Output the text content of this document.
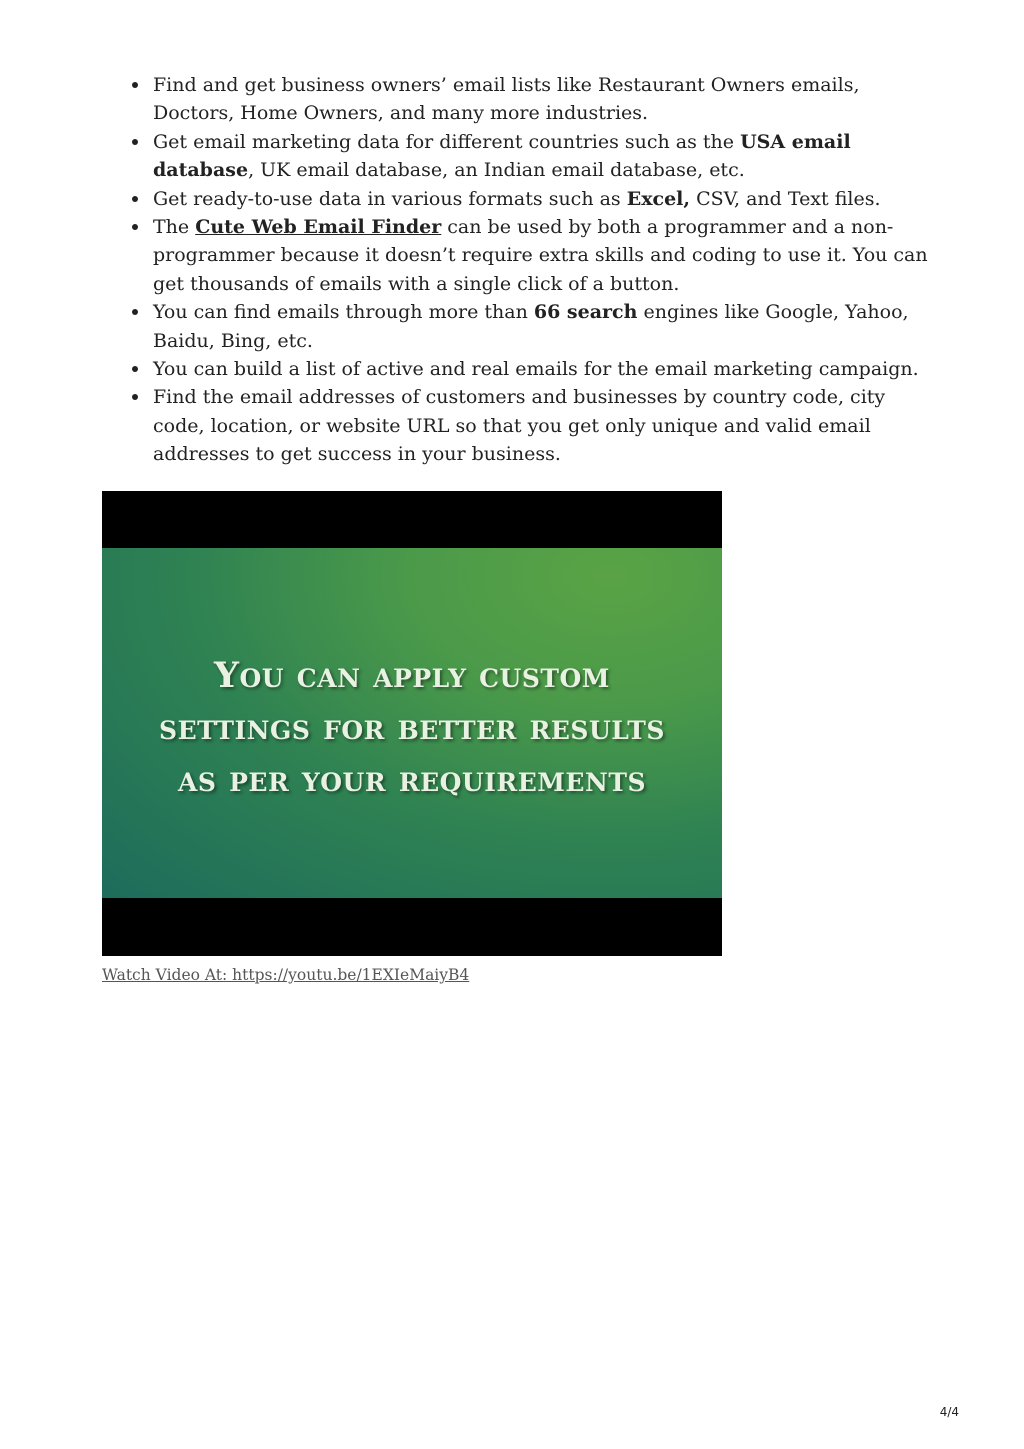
Find and get business owners’ email lists like Restaurant Owners emails, Doctors, Home Owners, and many more industries.
Get email marketing data for different countries such as the USA email database, UK email database, an Indian email database, etc.
Get ready-to-use data in various formats such as Excel, CSV, and Text files.
The Cute Web Email Finder can be used by both a programmer and a non-programmer because it doesn’t require extra skills and coding to use it. You can get thousands of emails with a single click of a button.
You can find emails through more than 66 search engines like Google, Yahoo, Baidu, Bing, etc.
You can build a list of active and real emails for the email marketing campaign.
Find the email addresses of customers and businesses by country code, city code, location, or website URL so that you get only unique and valid email addresses to get success in your business.
You can apply custom
settings for better results
as per your requirements
Watch Video At: https://youtu.be/1EXIeMaiyB4
4/4
